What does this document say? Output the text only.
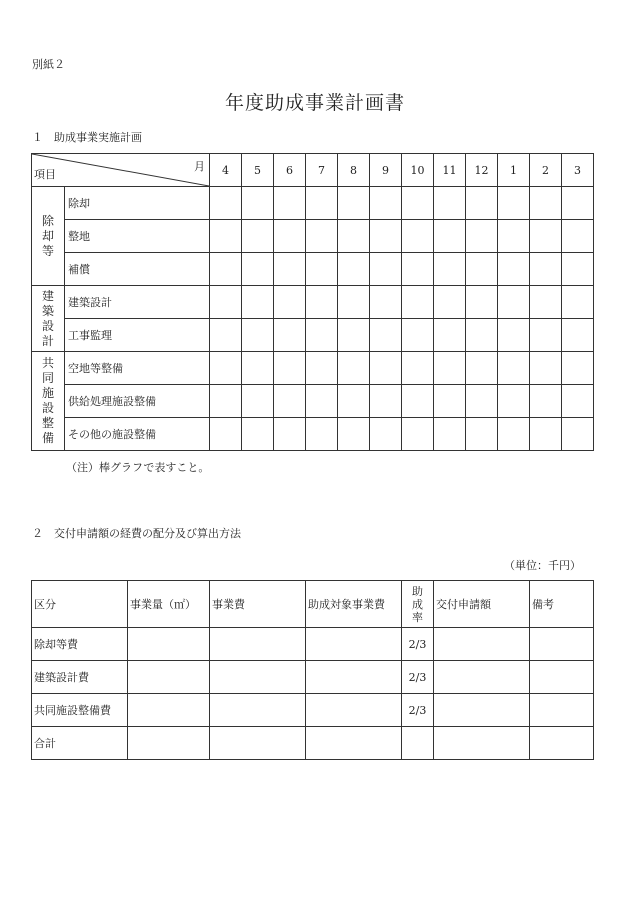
別紙２
年度助成事業計画書
１　助成事業実施計画
月
項目		4	5	6	7	8	9	10	11	12	1	2	3
除却等	除却												
	整地												
	補償												
建築設計	建築設計												
	工事監理												
共同施設整備	空地等整備												
	供給処理施設整備												
	その他の施設整備												
（注）棒グラフで表すこと。
２　交付申請額の経費の配分及び算出方法
（単位：千円）
区分	事業量（㎡）	事業費	助成対象事業費	助成率	交付申請額	備考
除却等費				2/3		
建築設計費				2/3		
共同施設整備費				2/3		
合計						
